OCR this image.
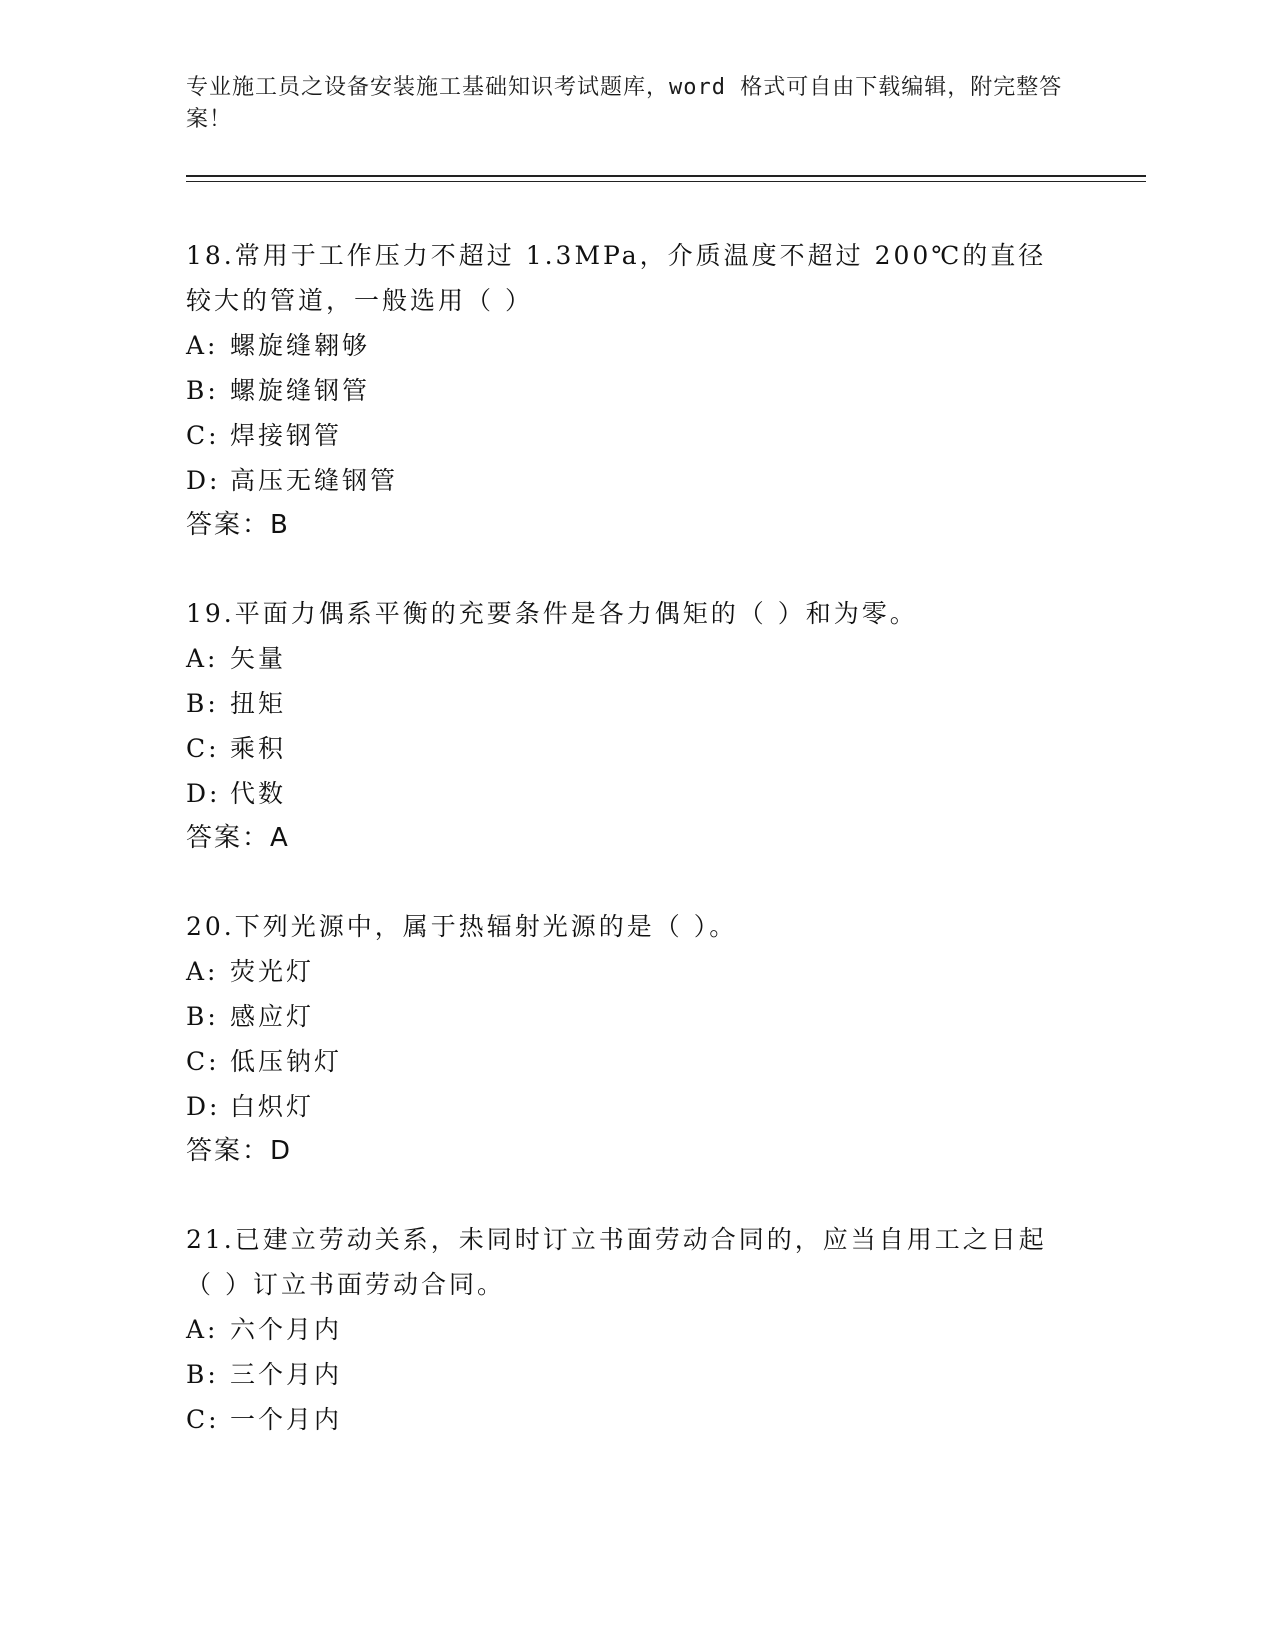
专业施工员之设备安装施工基础知识考试题库，word 格式可自由下载编辑，附完整答案！

18.常用于工作压力不超过 1.3MPa，介质温度不超过 200℃的直径较大的管道，一般选用（ ）

A: 螺旋缝翱够

B: 螺旋缝钢管

C: 焊接钢管

D: 高压无缝钢管

答案：B

19.平面力偶系平衡的充要条件是各力偶矩的（ ）和为零。

A: 矢量

B: 扭矩

C: 乘积

D: 代数

答案：A

20.下列光源中，属于热辐射光源的是（ ）。

A: 荧光灯

B: 感应灯

C: 低压钠灯

D: 白炽灯

答案：D

21.已建立劳动关系，未同时订立书面劳动合同的，应当自用工之日起（ ）订立书面劳动合同。

A: 六个月内

B: 三个月内

C: 一个月内
